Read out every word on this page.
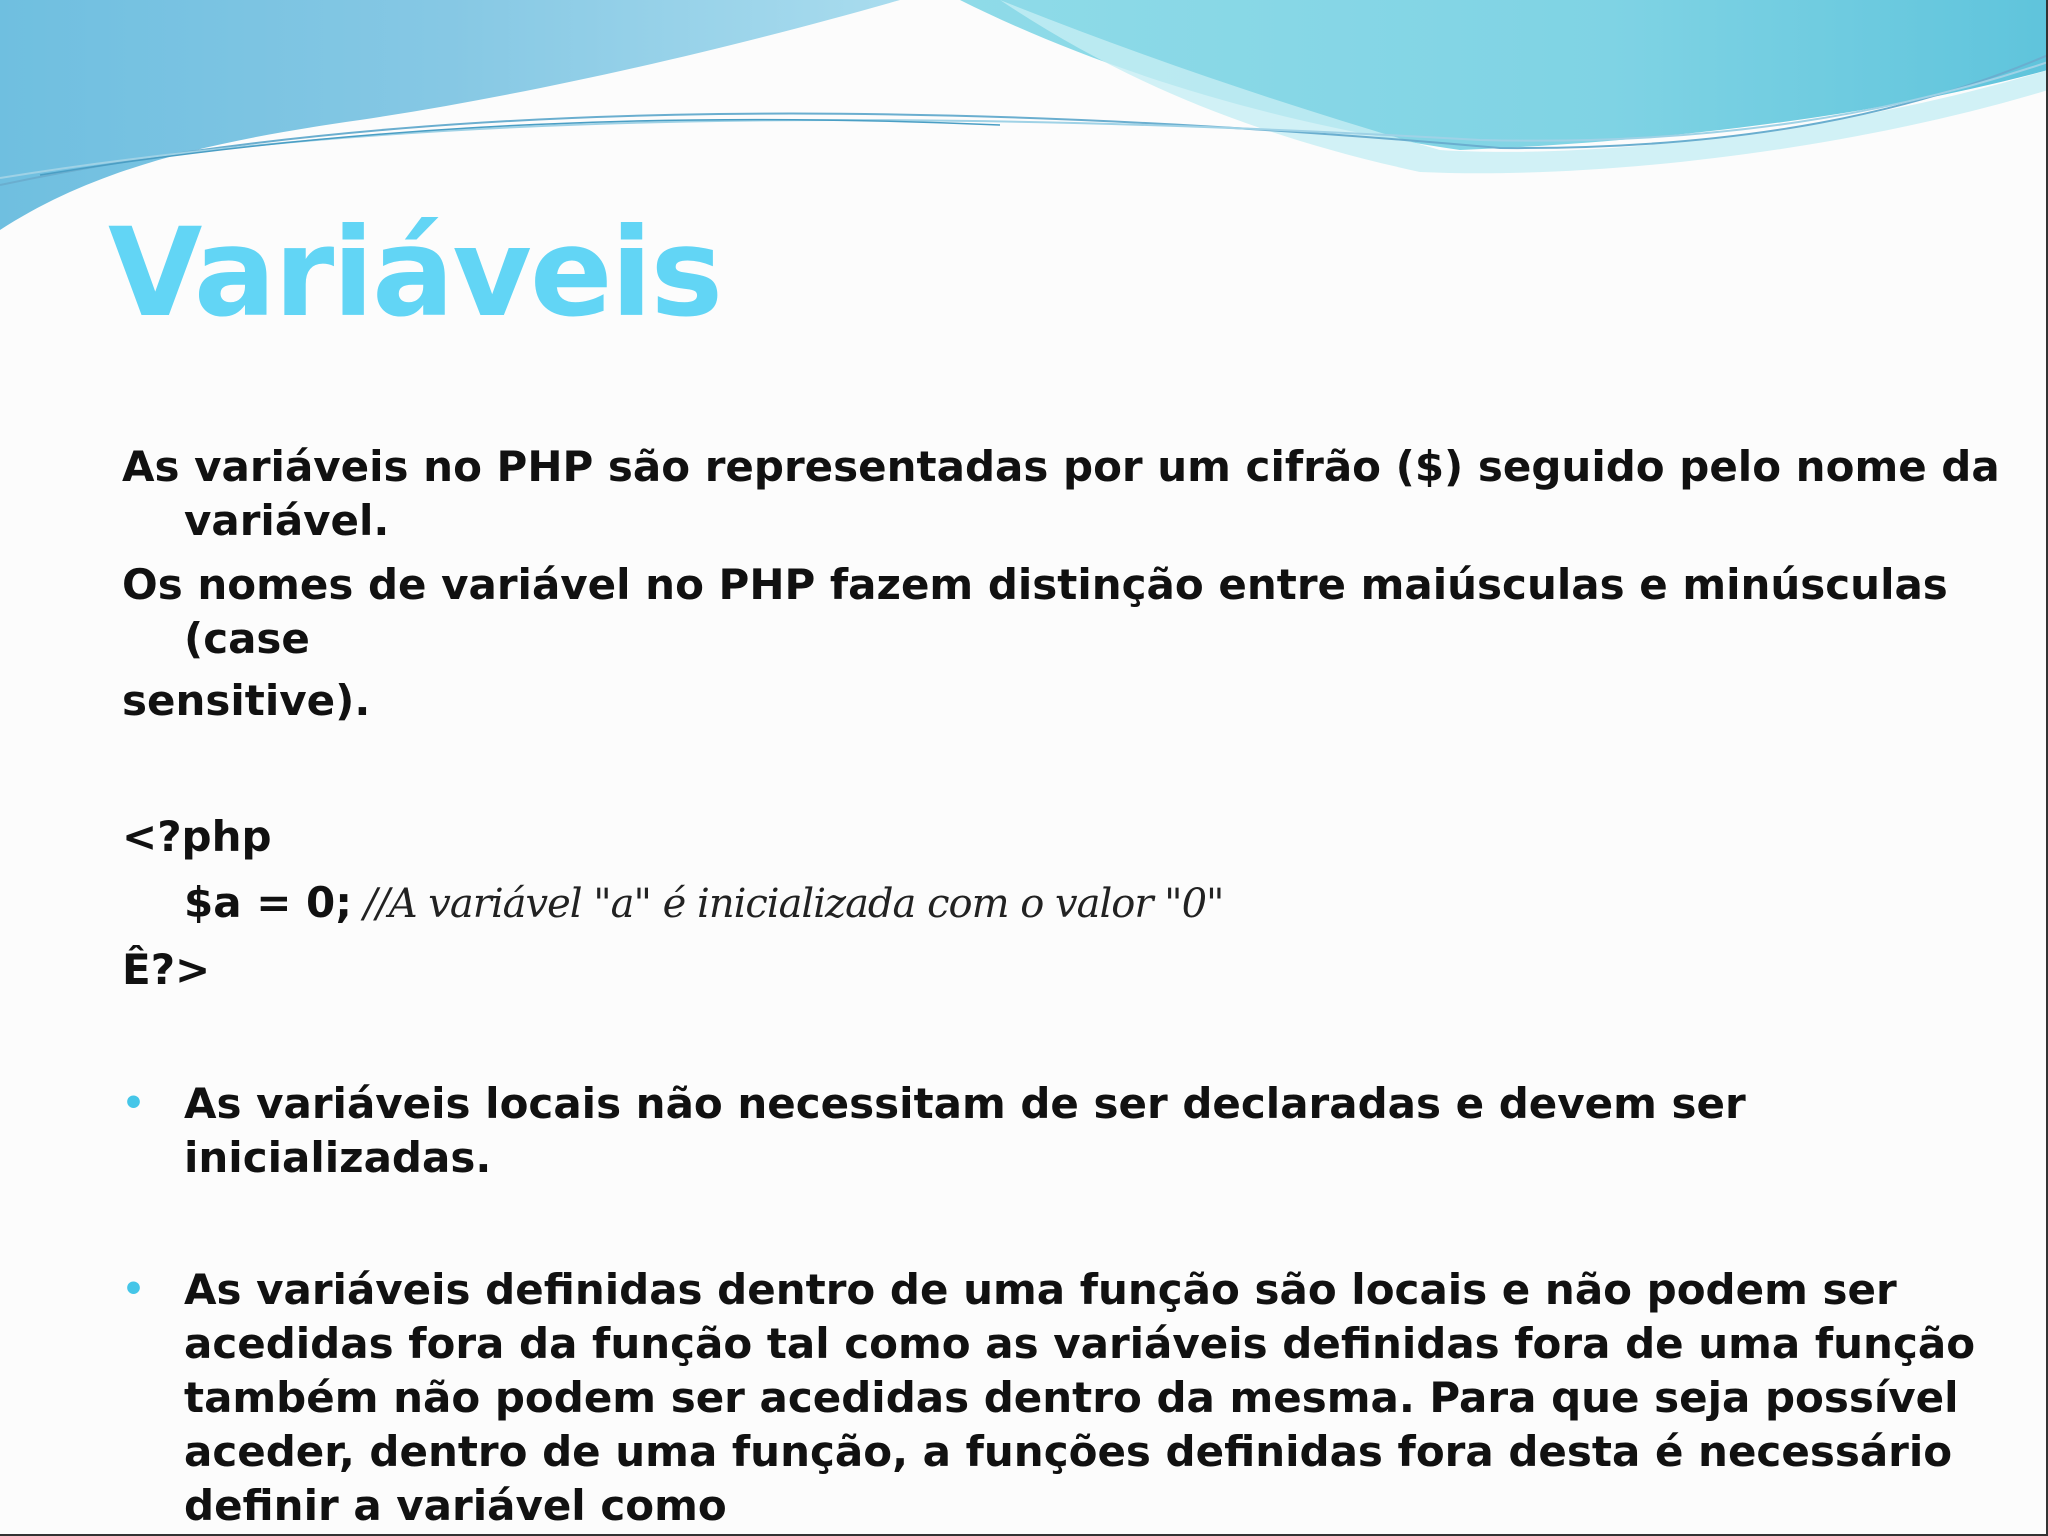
Variáveis

As variáveis no PHP são representadas por um cifrão ($) seguido pelo nome da variável.

Os nomes de variável no PHP fazem distinção entre maiúsculas e minúsculas (case

sensitive).

<?php

$a = 0; //A variável "a" é inicializada com o valor "0"

Ê?>

• As variáveis locais não necessitam de ser declaradas e devem ser inicializadas.

• As variáveis definidas dentro de uma função são locais e não podem ser acedidas fora da função tal como as variáveis definidas fora de uma função também não podem ser acedidas dentro da mesma. Para que seja possível aceder, dentro de uma função, a funções definidas fora desta é necessário definir a variável como
